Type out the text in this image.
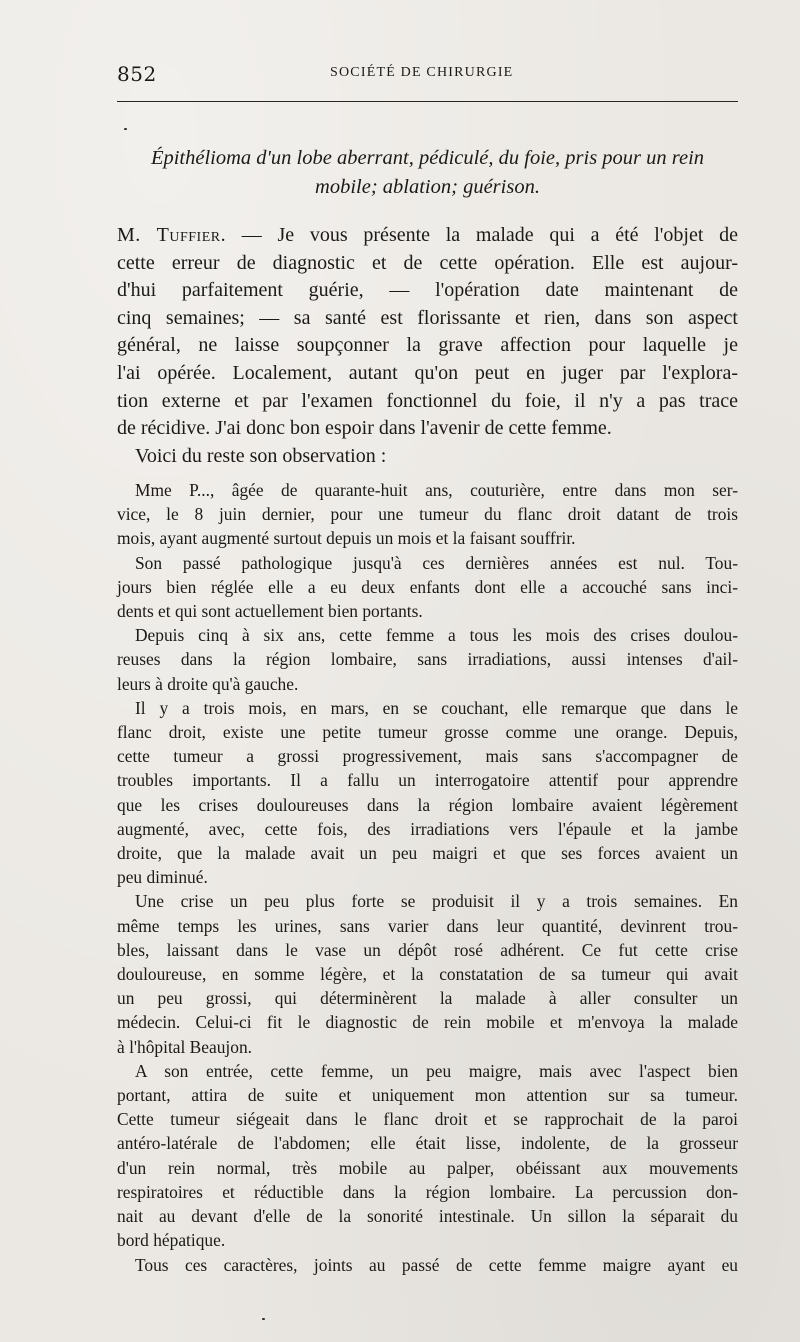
852	SOCIÉTÉ DE CHIRURGIE
Épithélioma d'un lobe aberrant, pédiculé, du foie, pris pour un rein
mobile; ablation; guérison.
M. Tuffier. — Je vous présente la malade qui a été l'objet de
cette erreur de diagnostic et de cette opération. Elle est aujour-
d'hui parfaitement guérie, — l'opération date maintenant de
cinq semaines; — sa santé est florissante et rien, dans son aspect
général, ne laisse soupçonner la grave affection pour laquelle je
l'ai opérée. Localement, autant qu'on peut en juger par l'explora-
tion externe et par l'examen fonctionnel du foie, il n'y a pas trace
de récidive. J'ai donc bon espoir dans l'avenir de cette femme.
Voici du reste son observation :
Mme P..., âgée de quarante-huit ans, couturière, entre dans mon ser-
vice, le 8 juin dernier, pour une tumeur du flanc droit datant de trois
mois, ayant augmenté surtout depuis un mois et la faisant souffrir.
Son passé pathologique jusqu'à ces dernières années est nul. Tou-
jours bien réglée elle a eu deux enfants dont elle a accouché sans inci-
dents et qui sont actuellement bien portants.
Depuis cinq à six ans, cette femme a tous les mois des crises doulou-
reuses dans la région lombaire, sans irradiations, aussi intenses d'ail-
leurs à droite qu'à gauche.
Il y a trois mois, en mars, en se couchant, elle remarque que dans le
flanc droit, existe une petite tumeur grosse comme une orange. Depuis,
cette tumeur a grossi progressivement, mais sans s'accompagner de
troubles importants. Il a fallu un interrogatoire attentif pour apprendre
que les crises douloureuses dans la région lombaire avaient légèrement
augmenté, avec, cette fois, des irradiations vers l'épaule et la jambe
droite, que la malade avait un peu maigri et que ses forces avaient un
peu diminué.
Une crise un peu plus forte se produisit il y a trois semaines. En
même temps les urines, sans varier dans leur quantité, devinrent trou-
bles, laissant dans le vase un dépôt rosé adhérent. Ce fut cette crise
douloureuse, en somme légère, et la constatation de sa tumeur qui avait
un peu grossi, qui déterminèrent la malade à aller consulter un
médecin. Celui-ci fit le diagnostic de rein mobile et m'envoya la malade
à l'hôpital Beaujon.
A son entrée, cette femme, un peu maigre, mais avec l'aspect bien
portant, attira de suite et uniquement mon attention sur sa tumeur.
Cette tumeur siégeait dans le flanc droit et se rapprochait de la paroi
antéro-latérale de l'abdomen; elle était lisse, indolente, de la grosseur
d'un rein normal, très mobile au palper, obéissant aux mouvements
respiratoires et réductible dans la région lombaire. La percussion don-
nait au devant d'elle de la sonorité intestinale. Un sillon la séparait du
bord hépatique.
Tous ces caractères, joints au passé de cette femme maigre ayant eu
